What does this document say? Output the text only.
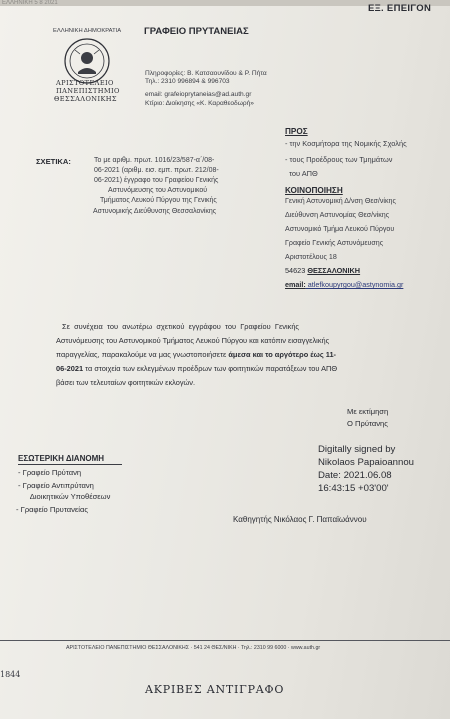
ΕΛΛΗΝΙΚΗ 5 8 2021	ΕΞ. ΕΠΕΙΓΟΝ
ΕΛΛΗΝΙΚΗ ΔΗΜΟΚΡΑΤΙΑ ΓΡΑΦΕΙΟ ΠΡΥΤΑΝΕΙΑΣ
ΑΡΙΣΤΟΤΕΛΕΙΟ
ΠΑΝΕΠΙΣΤΗΜΙΟ
ΘΕΣΣΑΛΟΝΙΚΗΣ
Πληροφορίες: Β. Κατσαουνίδου & Ρ. Πήτα
Τηλ.: 2310 996894 & 996703
email: grafeioprytaneias@ad.auth.gr
Κτίριο: Διοίκησης «Κ. Καραθεοδωρή»
ΣΧΕΤΙΚΑ:	Το με αριθμ. πρωτ. 1016/23/587-α΄/08-
06-2021 (αριθμ. εισ. εμπ. πρωτ. 212/08-
06-2021) έγγραφο του Γραφείου Γενικής
Αστυνόμευσης του Αστυνομικού
Τμήματος Λευκού Πύργου της Γενικής
Αστυνομικής Διεύθυνσης Θεσσαλονίκης
ΠΡΟΣ
- την Κοσμήτορα της Νομικής Σχολής
- τους Προέδρους των Τμημάτων
του ΑΠΘ
ΚΟΙΝΟΠΟΙΗΣΗ
Γενική Αστυνομική Δ/νση Θεσ/νίκης
Διεύθυνση Αστυνομίας Θεσ/νίκης
Αστυνομικό Τμήμα Λευκού Πύργου
Γραφείο Γενικής Αστυνόμευσης
Αριστοτέλους 18
54623 ΘΕΣΣΑΛΟΝΙΚΗ
email: atlefkoupyrgou@astynomia.gr
Σε συνέχεια του ανωτέρω σχετικού εγγράφου του Γραφείου Γενικής
Αστυνόμευσης του Αστυνομικού Τμήματος Λευκού Πύργου και κατόπιν εισαγγελικής
παραγγελίας, παρακαλούμε να μας γνωστοποιήσετε άμεσα και το αργότερο έως 11-
06-2021 τα στοιχεία των εκλεγμένων προέδρων των φοιτητικών παρατάξεων του ΑΠΘ
βάσει των τελευταίων φοιτητικών εκλογών.
Με εκτίμηση
Ο Πρύτανης
ΕΣΩΤΕΡΙΚΗ ΔΙΑΝΟΜΗ
- Γραφείο Πρύτανη
- Γραφείο Αντιπρύτανη
Διοικητικών Υποθέσεων
- Γραφείο Πρυτανείας
Digitally signed by
Nikolaos Papaioannou
Date: 2021.06.08
16:43:15 +03'00'
Καθηγητής Νικόλαος Γ. Παπαϊωάννου
ΑΡΙΣΤΟΤΕΛΕΙΟ ΠΑΝΕΠΙΣΤΗΜΙΟ ΘΕΣΣΑΛΟΝΙΚΗΣ · 541 24 ΘΕΣ/ΝΙΚΗ · Τηλ.: 2310 99 6000 · www.auth.gr
1844
ΑΚΡΙΒΕΣ ΑΝΤΙΓΡΑΦΟ
